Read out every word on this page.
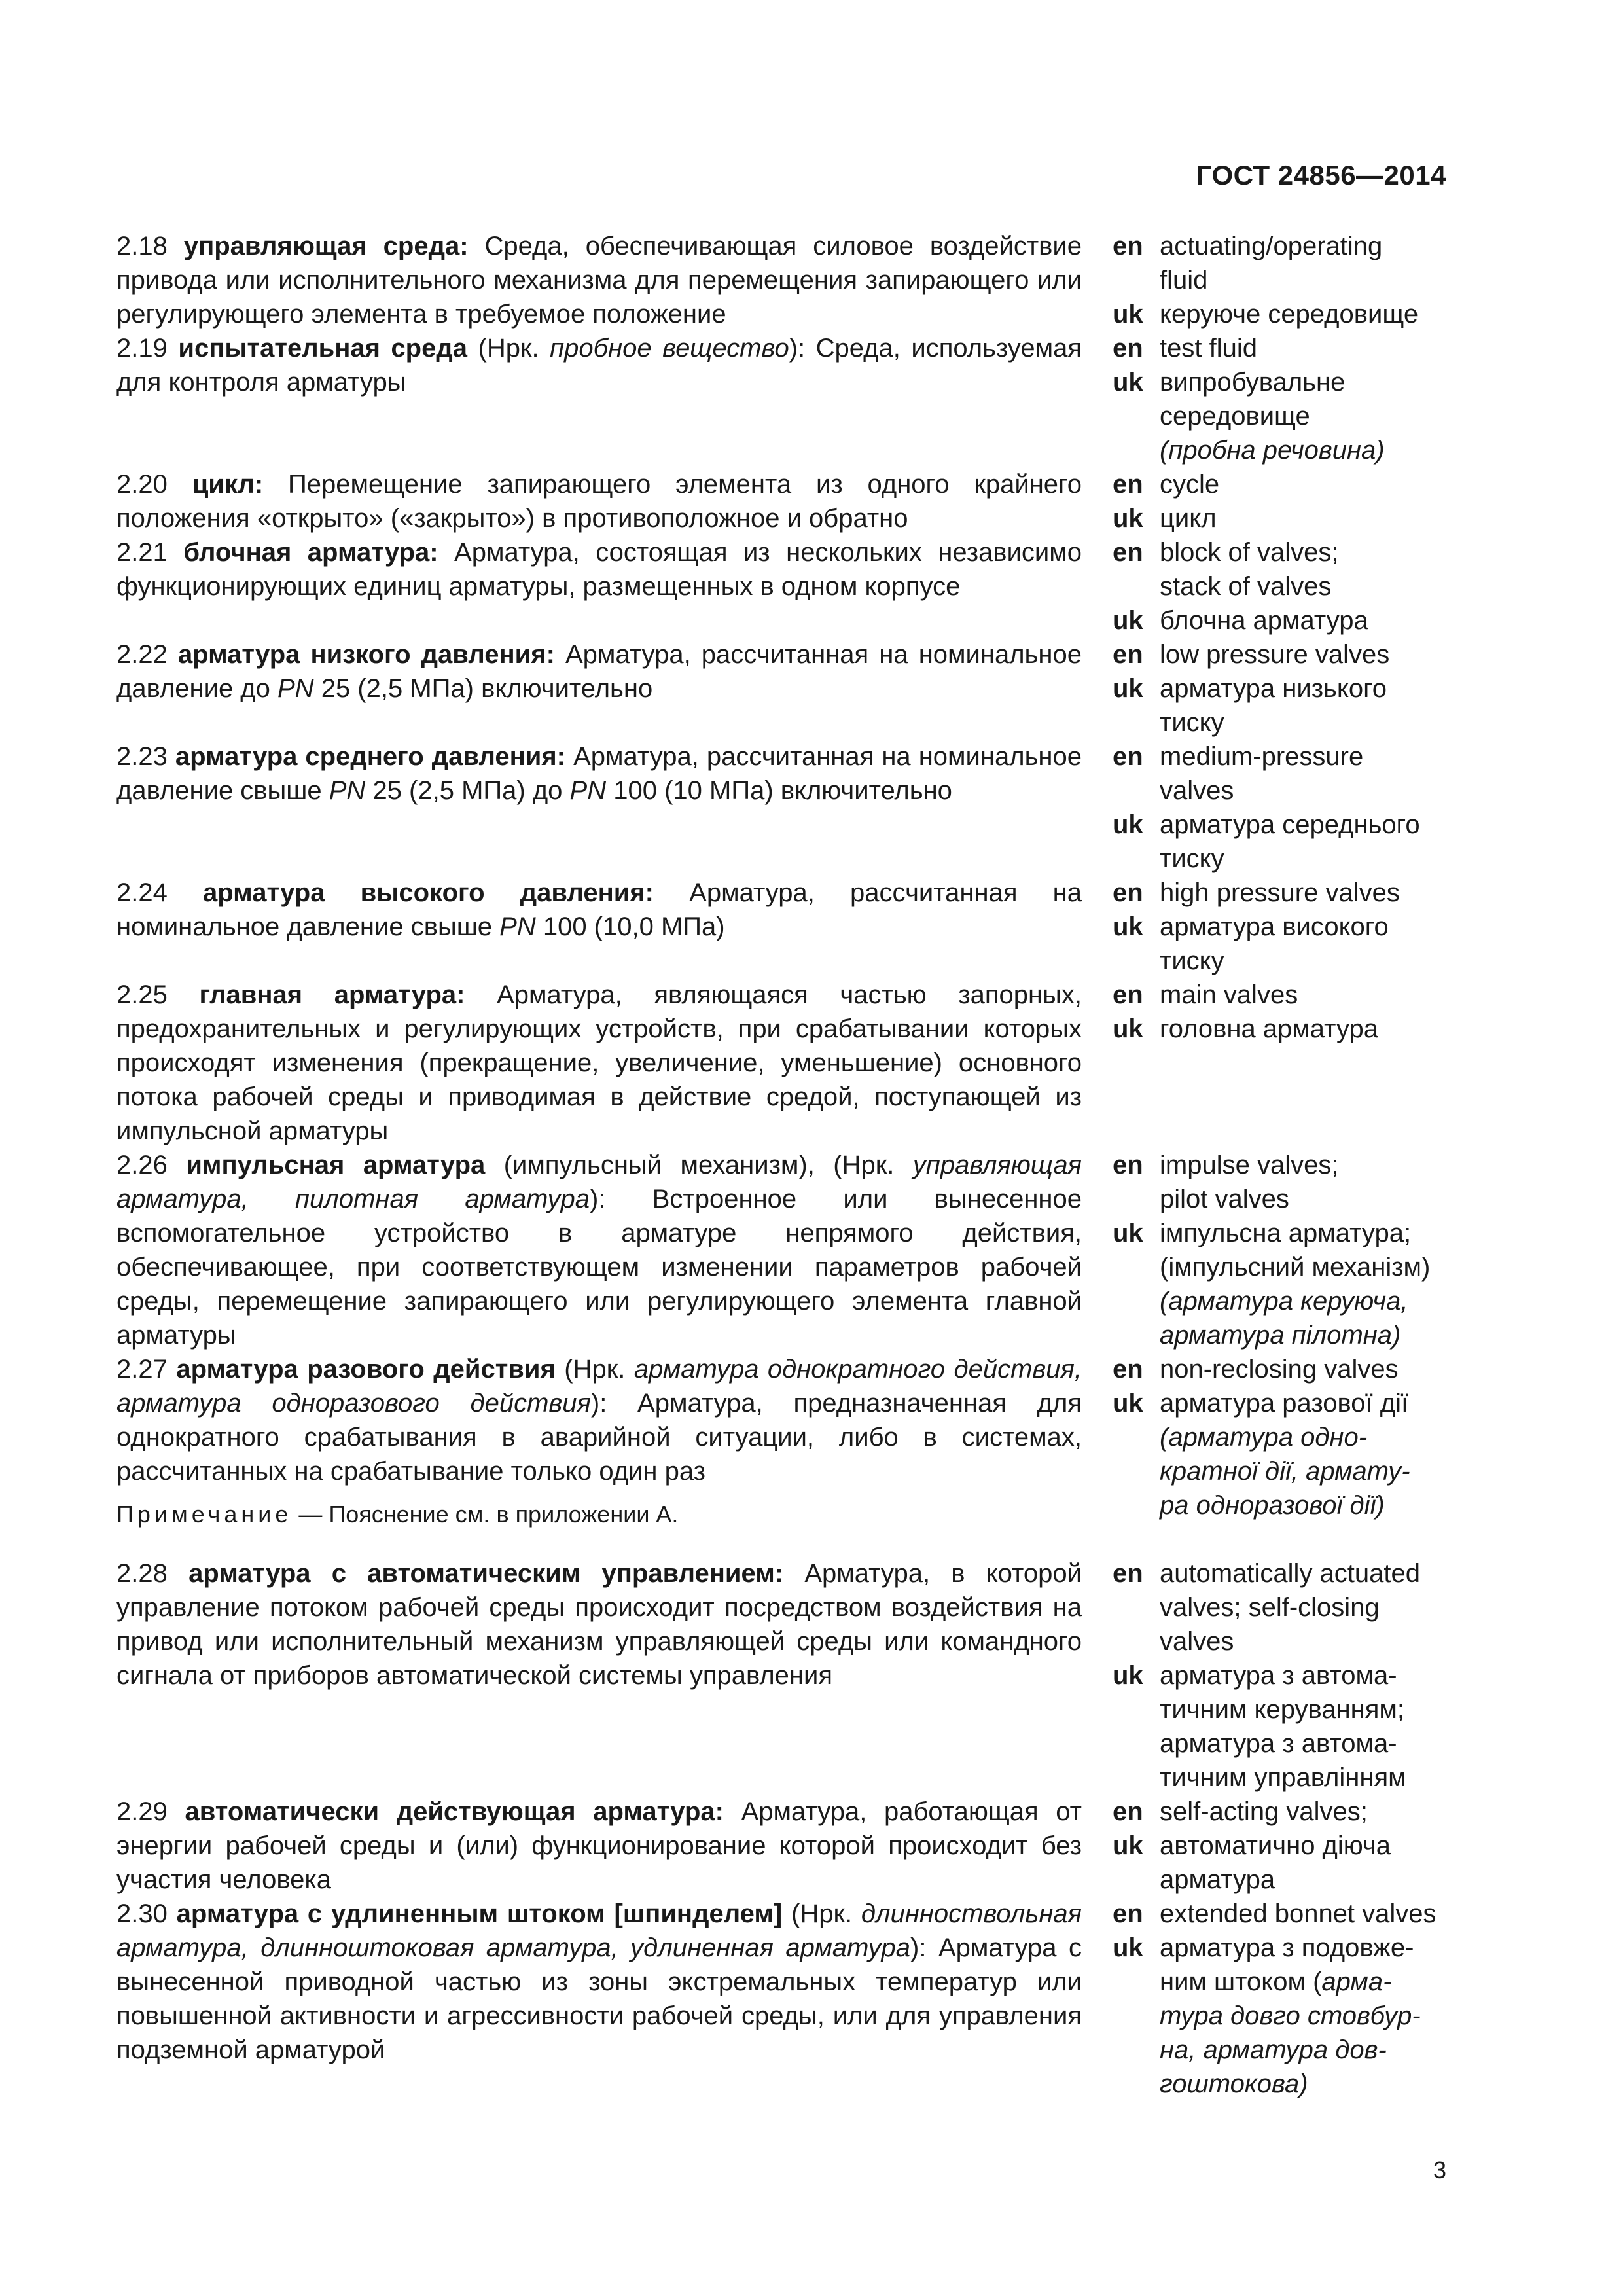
ГОСТ 24856—2014
2.18 управляющая среда: Среда, обеспечивающая силовое воздействие привода или исполнительного механизма для перемещения запирающего или регулирующего элемента в требуемое положение
en actuating/operating
fluid
uk керуюче середовище
2.19 испытательная среда (Нрк. пробное вещество): Среда, используемая для контроля арматуры
en test fluid
uk випробувальне
середовище
(пробна речовина)
2.20 цикл: Перемещение запирающего элемента из одного крайнего положения «открыто» («закрыто») в противоположное и обратно
en cycle
uk цикл
2.21 блочная арматура: Арматура, состоящая из нескольких независимо функционирующих единиц арматуры, размещенных в одном корпусе
en block of valves;
stack of valves
uk блочна арматура
2.22 арматура низкого давления: Арматура, рассчитанная на номинальное давление до PN 25 (2,5 МПа) включительно
en low pressure valves
uk арматура низького
тиску
2.23 арматура среднего давления: Арматура, рассчитанная на номинальное давление свыше PN 25 (2,5 МПа) до PN 100 (10 МПа) включительно
en medium-pressure
valves
uk арматура середнього
тиску
2.24 арматура высокого давления: Арматура, рассчитанная на номинальное давление свыше PN 100 (10,0 МПа)
en high pressure valves
uk арматура високого
тиску
2.25 главная арматура: Арматура, являющаяся частью запорных, предохранительных и регулирующих устройств, при срабатывании которых происходят изменения (прекращение, увеличение, уменьшение) основного потока рабочей среды и приводимая в действие средой, поступающей из импульсной арматуры
en main valves
uk головна арматура
2.26 импульсная арматура (импульсный механизм), (Нрк. управляющая арматура, пилотная арматура): Встроенное или вынесенное вспомогательное устройство в арматуре непрямого действия, обеспечивающее, при соответствующем изменении параметров рабочей среды, перемещение запирающего или регулирующего элемента главной арматуры
en impulse valves;
pilot valves
uk імпульсна арматура;
(імпульсний механізм)
(арматура керуюча,
арматура пілотна)
2.27 арматура разового действия (Нрк. арматура однократного действия, арматура одноразового действия): Арматура, предназначенная для однократного срабатывания в аварийной ситуации, либо в системах, рассчитанных на срабатывание только один раз
en non-reclosing valves
uk арматура разової дії
(арматура одно-
кратної дії, армату-
ра одноразової дії)
Примечание — Пояснение см. в приложении А.
2.28 арматура с автоматическим управлением: Арматура, в которой управление потоком рабочей среды происходит посредством воздействия на привод или исполнительный механизм управляющей среды или командного сигнала от приборов автоматической системы управления
en automatically actuated
valves; self-closing
valves
uk арматура з автома-
тичним керуванням;
арматура з автома-
тичним управлінням
2.29 автоматически действующая арматура: Арматура, работающая от энергии рабочей среды и (или) функционирование которой происходит без участия человека
en self-acting valves;
uk автоматично діюча
арматура
2.30 арматура с удлиненным штоком [шпинделем] (Нрк. длинноствольная арматура, длинноштоковая арматура, удлиненная арматура): Арматура с вынесенной приводной частью из зоны экстремальных температур или повышенной активности и агрессивности рабочей среды, или для управления подземной арматурой
en extended bonnet valves
uk арматура з подовже-
ним штоком (арма-
тура довго стовбур-
на, арматура дов-
гоштокова)
3
